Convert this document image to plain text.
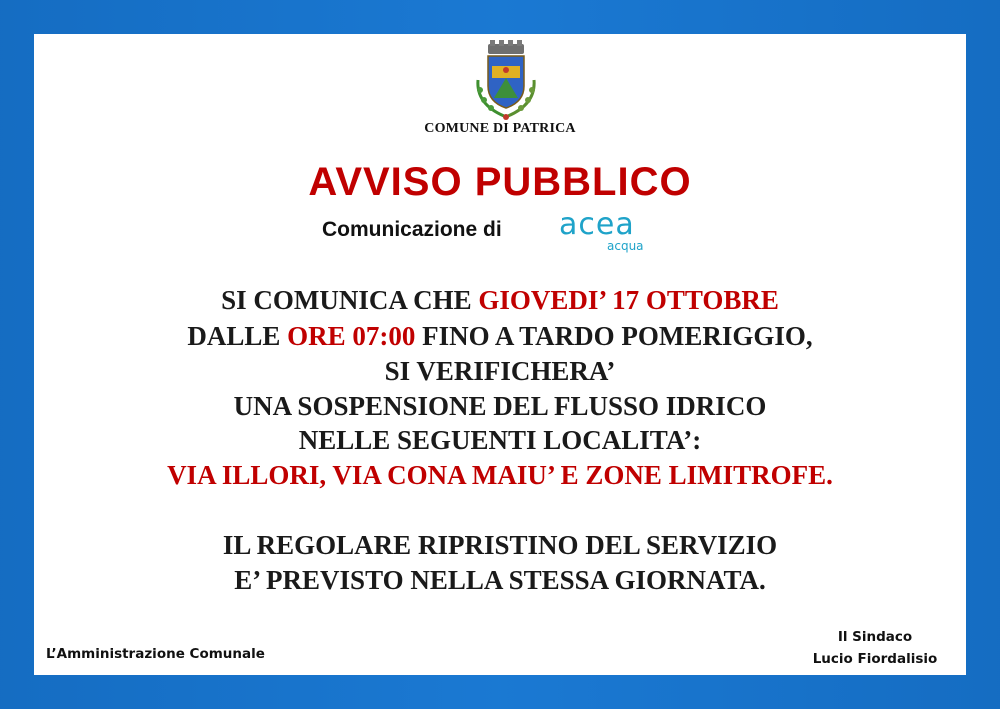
COMUNE DI PATRICA
AVVISO PUBBLICO
Comunicazione di acea
acqua
SI COMUNICA CHE GIOVEDI’ 17 OTTOBRE
DALLE ORE 07:00 FINO A TARDO POMERIGGIO,
SI VERIFICHERA’
UNA SOSPENSIONE DEL FLUSSO IDRICO
NELLE SEGUENTI LOCALITA’:
VIA ILLORI, VIA CONA MAIU’ E ZONE LIMITROFE.
IL REGOLARE RIPRISTINO DEL SERVIZIO
E’ PREVISTO NELLA STESSA GIORNATA.
L’Amministrazione Comunale
Il Sindaco
Lucio Fiordalisio
